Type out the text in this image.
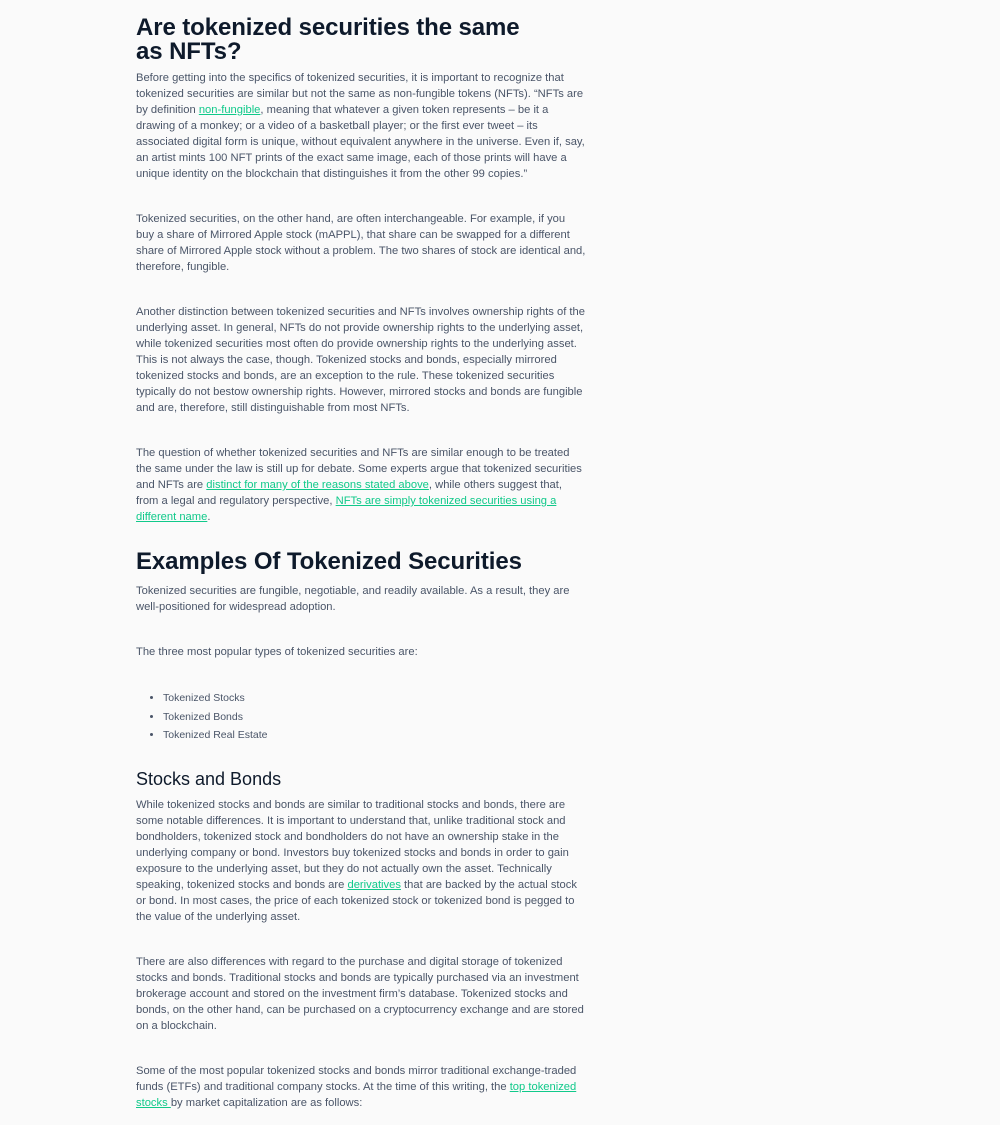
Are tokenized securities the same as NFTs?

Before getting into the specifics of tokenized securities, it is important to recognize that tokenized securities are similar but not the same as non-fungible tokens (NFTs). “NFTs are by definition non-fungible, meaning that whatever a given token represents – be it a drawing of a monkey; or a video of a basketball player; or the first ever tweet – its associated digital form is unique, without equivalent anywhere in the universe. Even if, say, an artist mints 100 NFT prints of the exact same image, each of those prints will have a unique identity on the blockchain that distinguishes it from the other 99 copies.”

Tokenized securities, on the other hand, are often interchangeable. For example, if you buy a share of Mirrored Apple stock (mAPPL), that share can be swapped for a different share of Mirrored Apple stock without a problem. The two shares of stock are identical and, therefore, fungible.

Another distinction between tokenized securities and NFTs involves ownership rights of the underlying asset. In general, NFTs do not provide ownership rights to the underlying asset, while tokenized securities most often do provide ownership rights to the underlying asset. This is not always the case, though. Tokenized stocks and bonds, especially mirrored tokenized stocks and bonds, are an exception to the rule. These tokenized securities typically do not bestow ownership rights. However, mirrored stocks and bonds are fungible and are, therefore, still distinguishable from most NFTs.

The question of whether tokenized securities and NFTs are similar enough to be treated the same under the law is still up for debate. Some experts argue that tokenized securities and NFTs are distinct for many of the reasons stated above, while others suggest that, from a legal and regulatory perspective, NFTs are simply tokenized securities using a different name.

Examples Of Tokenized Securities

Tokenized securities are fungible, negotiable, and readily available. As a result, they are well-positioned for widespread adoption.

The three most popular types of tokenized securities are:

• Tokenized Stocks
• Tokenized Bonds
• Tokenized Real Estate
Stocks and Bonds

While tokenized stocks and bonds are similar to traditional stocks and bonds, there are some notable differences. It is important to understand that, unlike traditional stock and bondholders, tokenized stock and bondholders do not have an ownership stake in the underlying company or bond. Investors buy tokenized stocks and bonds in order to gain exposure to the underlying asset, but they do not actually own the asset. Technically speaking, tokenized stocks and bonds are derivatives that are backed by the actual stock or bond. In most cases, the price of each tokenized stock or tokenized bond is pegged to the value of the underlying asset.

There are also differences with regard to the purchase and digital storage of tokenized stocks and bonds. Traditional stocks and bonds are typically purchased via an investment brokerage account and stored on the investment firm’s database. Tokenized stocks and bonds, on the other hand, can be purchased on a cryptocurrency exchange and are stored on a blockchain.

Some of the most popular tokenized stocks and bonds mirror traditional exchange-traded funds (ETFs) and traditional company stocks. At the time of this writing, the top tokenized stocks by market capitalization are as follows:
